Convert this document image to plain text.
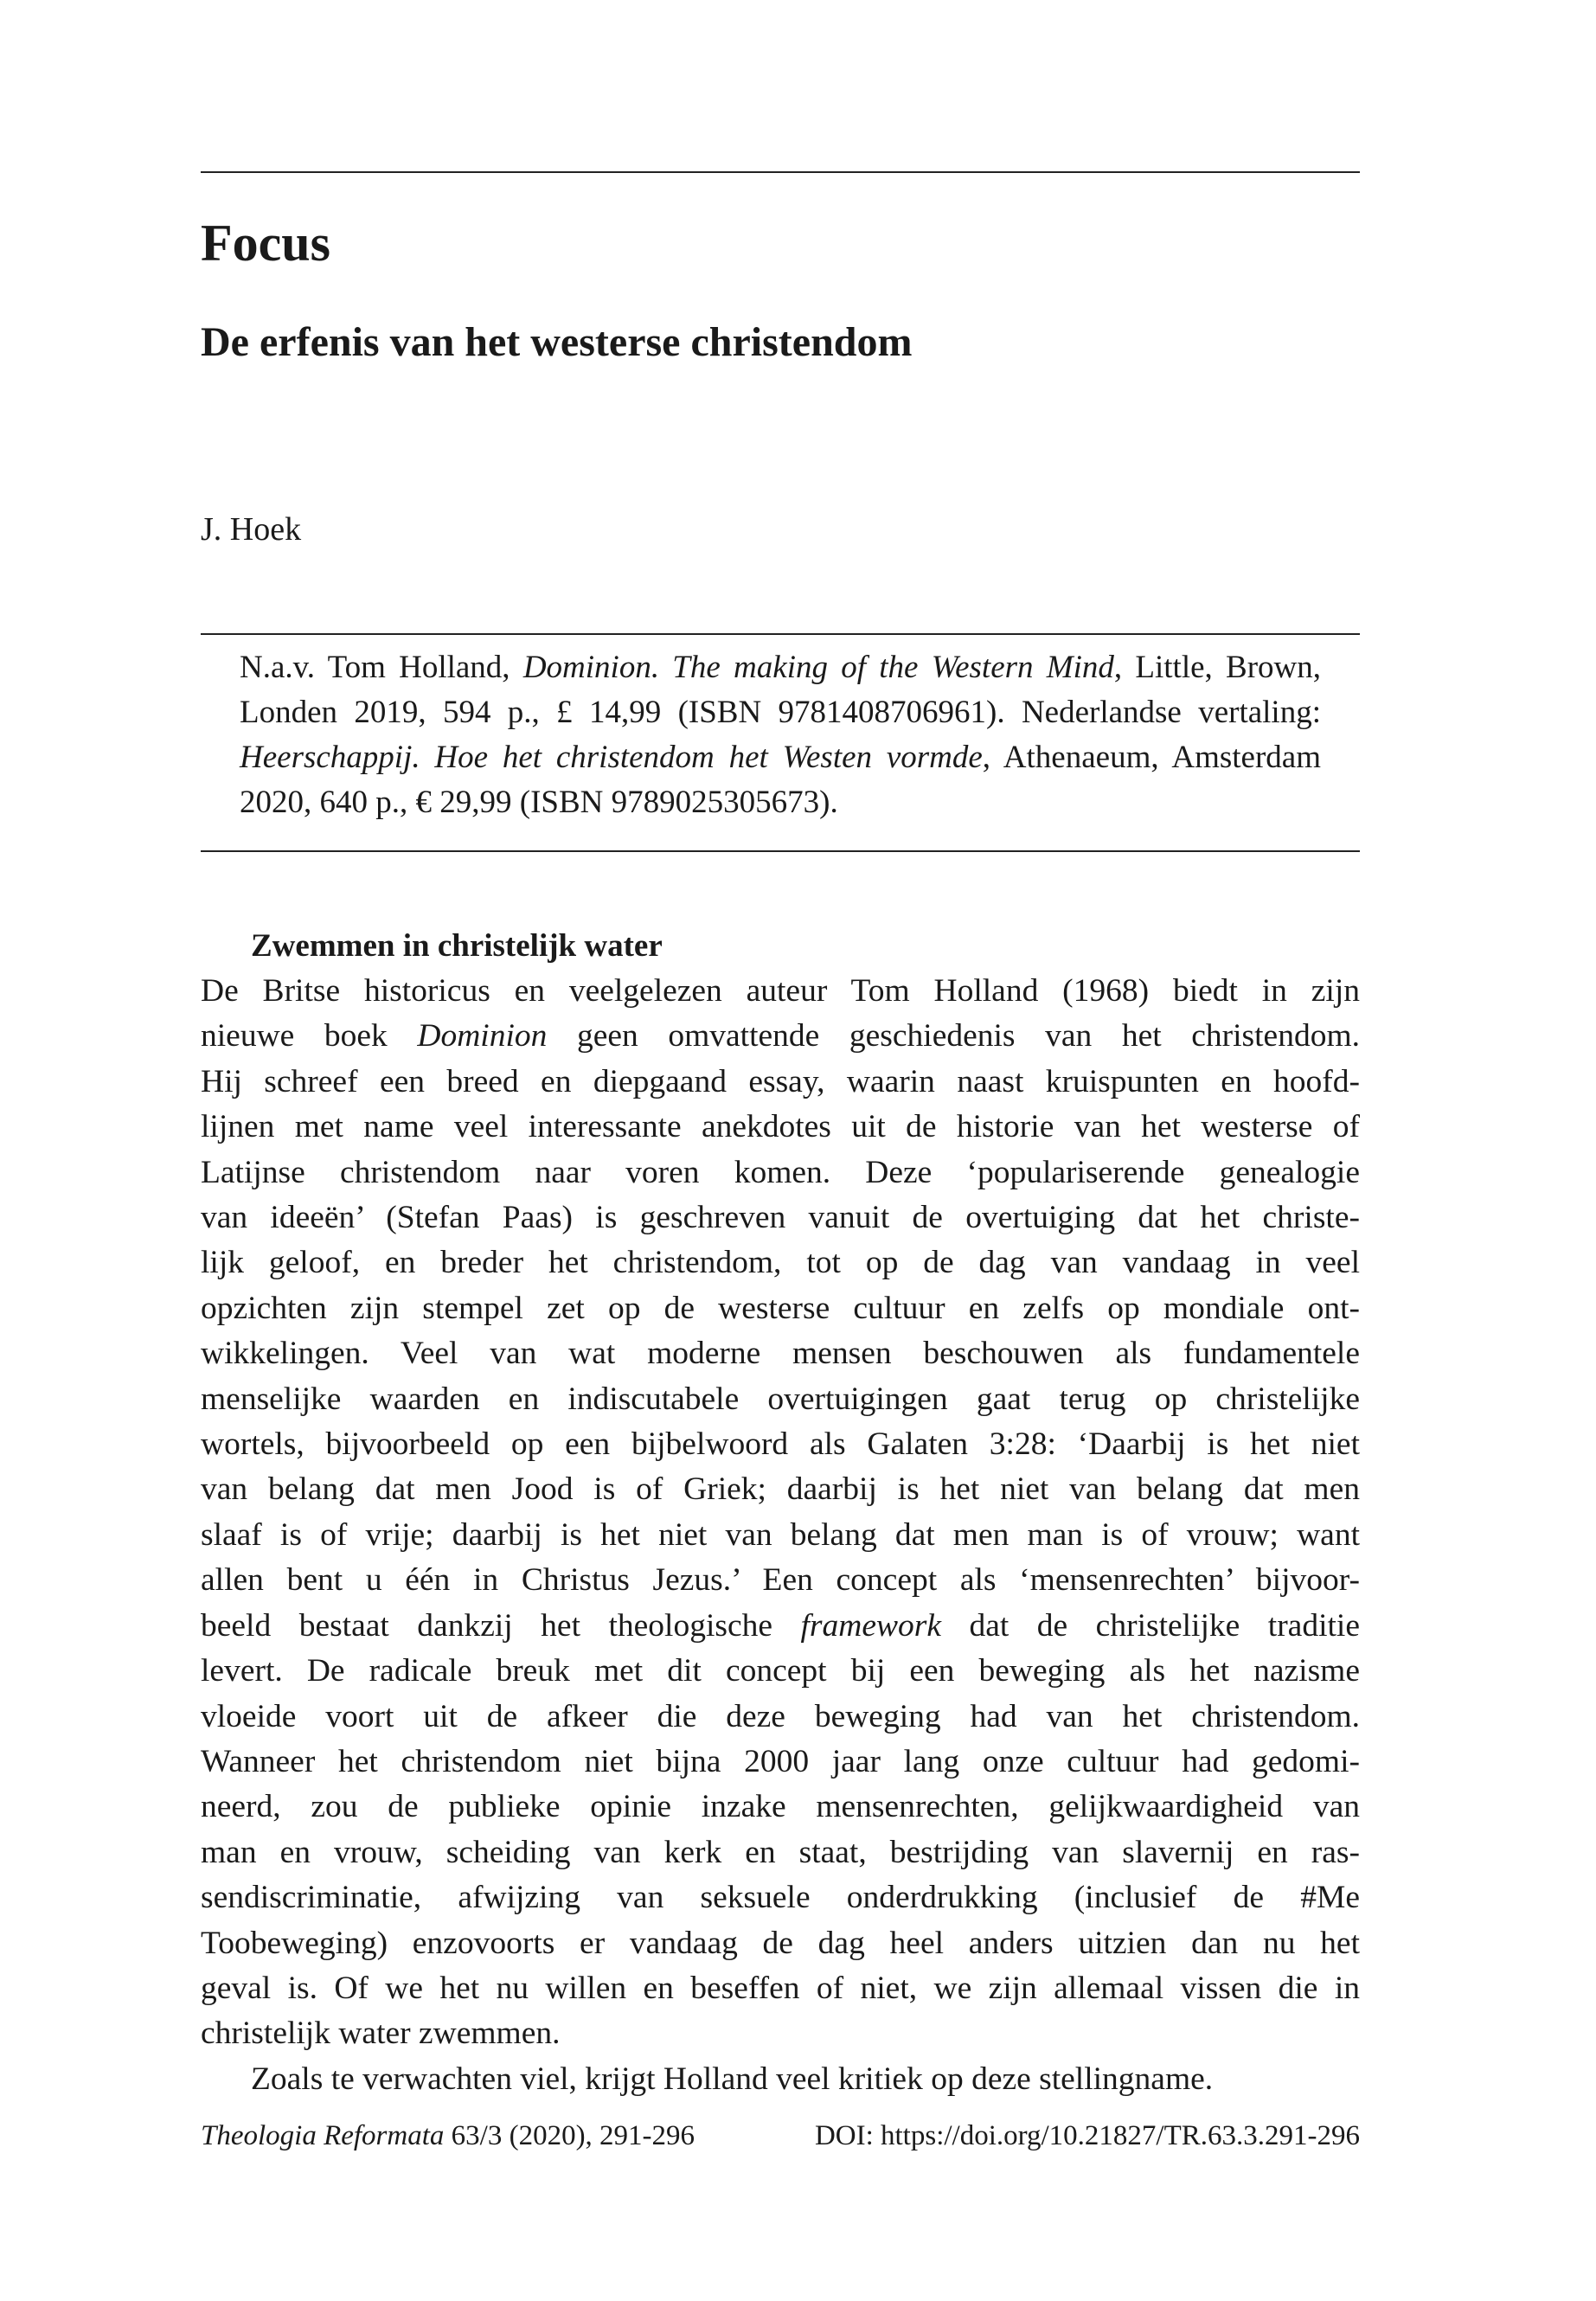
Focus
De erfenis van het westerse christendom

J. Hoek

N.a.v. Tom Holland, Dominion. The making of the Western Mind, Little, Brown, Londen 2019, 594 p., £ 14,99 (ISBN 9781408706961). Nederlandse vertaling: Heerschappij. Hoe het christendom het Westen vormde, Athenaeum, Amsterdam 2020, 640 p., € 29,99 (ISBN 9789025305673).

Zwemmen in christelijk water

De Britse historicus en veelgelezen auteur Tom Holland (1968) biedt in zijn
nieuwe boek Dominion geen omvattende geschiedenis van het christendom.
Hij schreef een breed en diepgaand essay, waarin naast kruispunten en hoofd-
lijnen met name veel interessante anekdotes uit de historie van het westerse of
Latijnse christendom naar voren komen. Deze ‘populariserende genealogie
van ideeën’ (Stefan Paas) is geschreven vanuit de overtuiging dat het christe-
lijk geloof, en breder het christendom, tot op de dag van vandaag in veel
opzichten zijn stempel zet op de westerse cultuur en zelfs op mondiale ont-
wikkelingen. Veel van wat moderne mensen beschouwen als fundamentele
menselijke waarden en indiscutabele overtuigingen gaat terug op christelijke
wortels, bijvoorbeeld op een bijbelwoord als Galaten 3:28: ‘Daarbij is het niet
van belang dat men Jood is of Griek; daarbij is het niet van belang dat men
slaaf is of vrije; daarbij is het niet van belang dat men man is of vrouw; want
allen bent u één in Christus Jezus.’ Een concept als ‘mensenrechten’ bijvoor-
beeld bestaat dankzij het theologische framework dat de christelijke traditie
levert. De radicale breuk met dit concept bij een beweging als het nazisme
vloeide voort uit de afkeer die deze beweging had van het christendom.
Wanneer het christendom niet bijna 2000 jaar lang onze cultuur had gedomi-
neerd, zou de publieke opinie inzake mensenrechten, gelijkwaardigheid van
man en vrouw, scheiding van kerk en staat, bestrijding van slavernij en ras-
sendiscriminatie, afwijzing van seksuele onderdrukking (inclusief de #Me
Toobeweging) enzovoorts er vandaag de dag heel anders uitzien dan nu het
geval is. Of we het nu willen en beseffen of niet, we zijn allemaal vissen die in
christelijk water zwemmen.

Zoals te verwachten viel, krijgt Holland veel kritiek op deze stellingname.

Theologia Reformata 63/3 (2020), 291-296	DOI: https://doi.org/10.21827/TR.63.3.291-296
